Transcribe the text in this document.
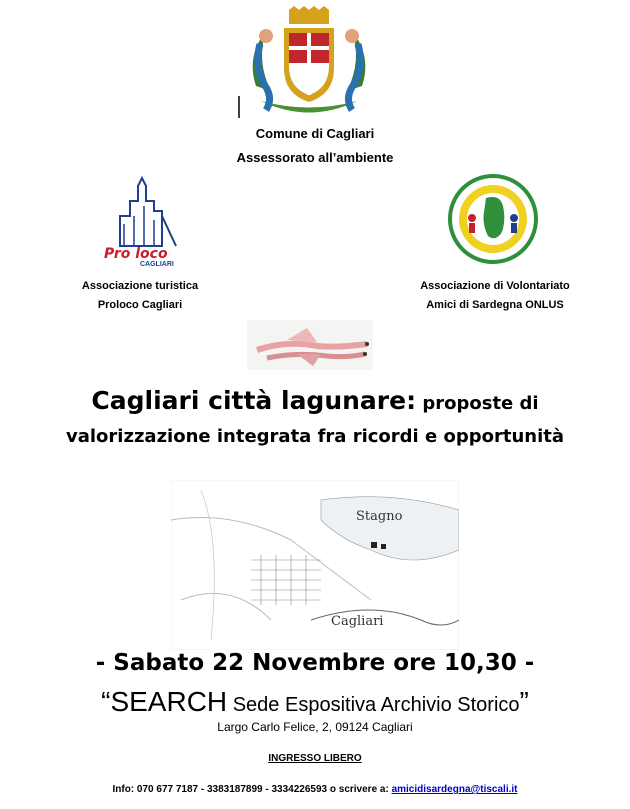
Comune di Cagliari
Assessorato all’ambiente
Pro loco
CAGLIARI
Associazione turistica
Proloco Cagliari
Associazione di Volontariato
Amici di Sardegna ONLUS
Cagliari città lagunare: proposte di
valorizzazione integrata fra ricordi e opportunità
Stagno
Cagliari
- Sabato 22 Novembre ore 10,30 -
“SEARCH Sede Espositiva Archivio Storico”
Largo Carlo Felice, 2, 09124 Cagliari
INGRESSO LIBERO
Info: 070 677 7187 - 3383187899 - 3334226593 o scrivere a: amicidisardegna@tiscali.it
